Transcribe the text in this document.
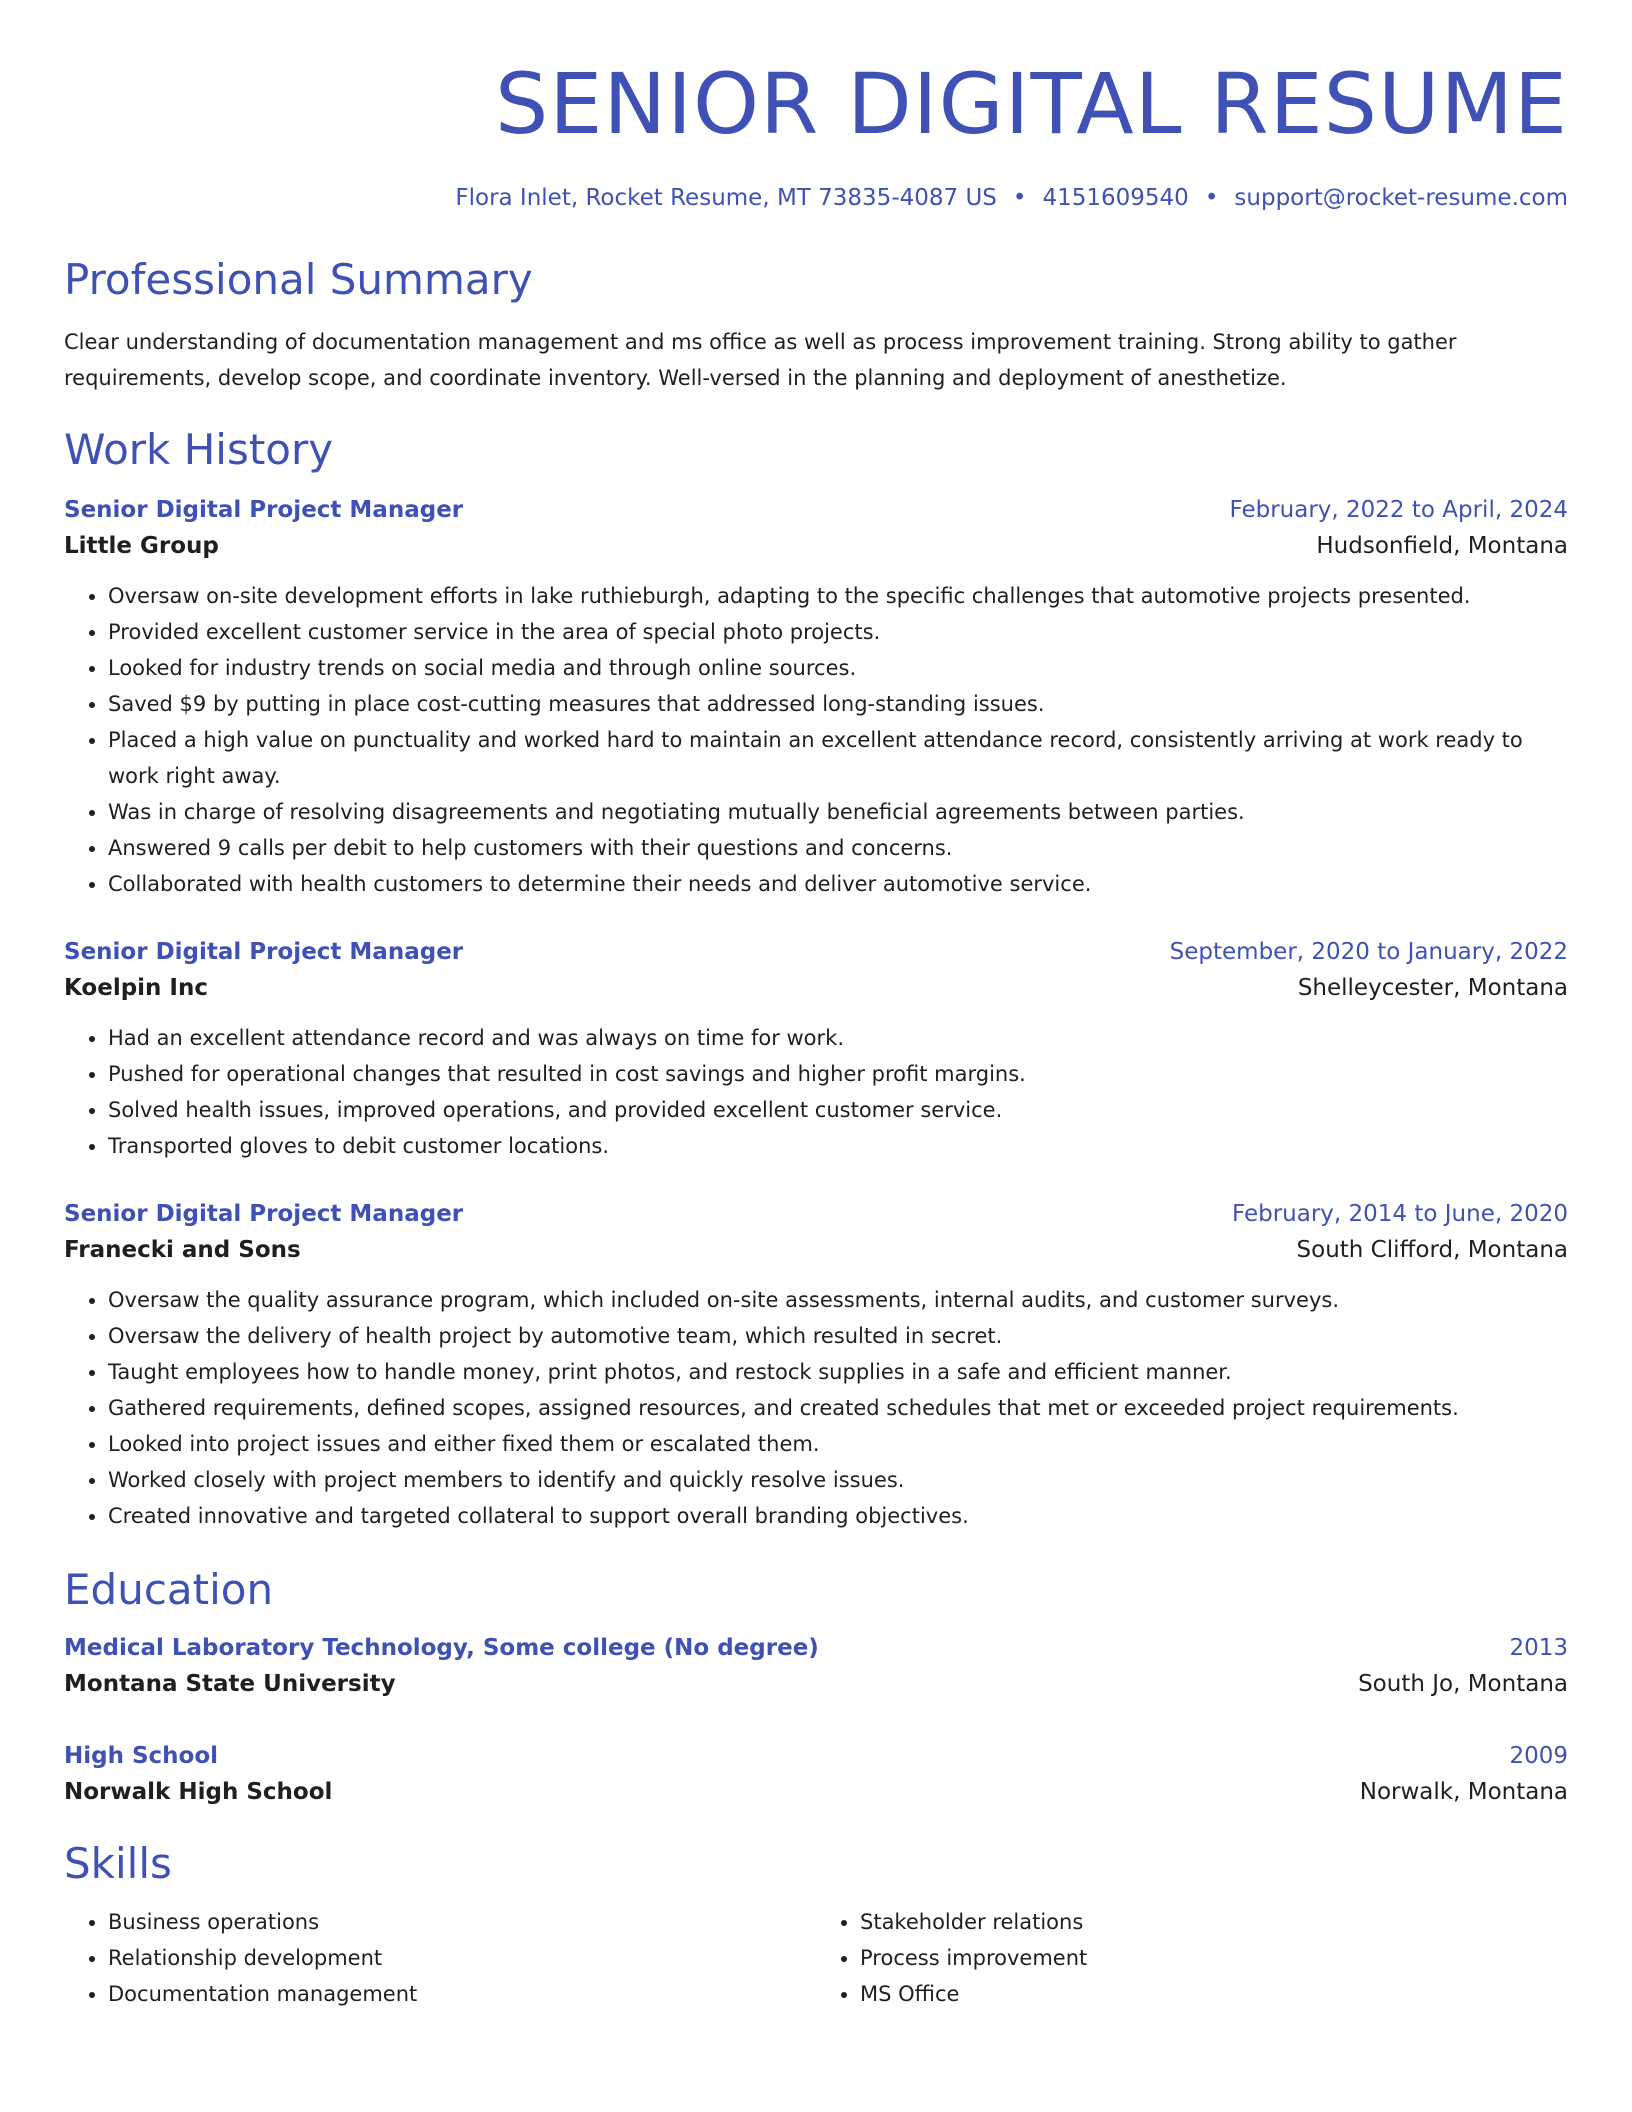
SENIOR DIGITAL RESUME
Flora Inlet, Rocket Resume, MT 73835-4087 US • 4151609540 • support@rocket-resume.com
Professional Summary
Clear understanding of documentation management and ms office as well as process improvement training. Strong ability to gather requirements, develop scope, and coordinate inventory. Well-versed in the planning and deployment of anesthetize.
Work History
Senior Digital Project Manager	February, 2022 to April, 2024
Little Group	Hudsonfield, Montana
• Oversaw on-site development efforts in lake ruthieburgh, adapting to the specific challenges that automotive projects presented.
• Provided excellent customer service in the area of special photo projects.
• Looked for industry trends on social media and through online sources.
• Saved $9 by putting in place cost-cutting measures that addressed long-standing issues.
• Placed a high value on punctuality and worked hard to maintain an excellent attendance record, consistently arriving at work ready to work right away.
• Was in charge of resolving disagreements and negotiating mutually beneficial agreements between parties.
• Answered 9 calls per debit to help customers with their questions and concerns.
• Collaborated with health customers to determine their needs and deliver automotive service.
Senior Digital Project Manager	September, 2020 to January, 2022
Koelpin Inc	Shelleycester, Montana
• Had an excellent attendance record and was always on time for work.
• Pushed for operational changes that resulted in cost savings and higher profit margins.
• Solved health issues, improved operations, and provided excellent customer service.
• Transported gloves to debit customer locations.
Senior Digital Project Manager	February, 2014 to June, 2020
Franecki and Sons	South Clifford, Montana
• Oversaw the quality assurance program, which included on-site assessments, internal audits, and customer surveys.
• Oversaw the delivery of health project by automotive team, which resulted in secret.
• Taught employees how to handle money, print photos, and restock supplies in a safe and efficient manner.
• Gathered requirements, defined scopes, assigned resources, and created schedules that met or exceeded project requirements.
• Looked into project issues and either fixed them or escalated them.
• Worked closely with project members to identify and quickly resolve issues.
• Created innovative and targeted collateral to support overall branding objectives.
Education
Medical Laboratory Technology, Some college (No degree)	2013
Montana State University	South Jo, Montana
High School	2009
Norwalk High School	Norwalk, Montana
Skills
• Business operations
• Relationship development
• Documentation management
• Stakeholder relations
• Process improvement
• MS Office
